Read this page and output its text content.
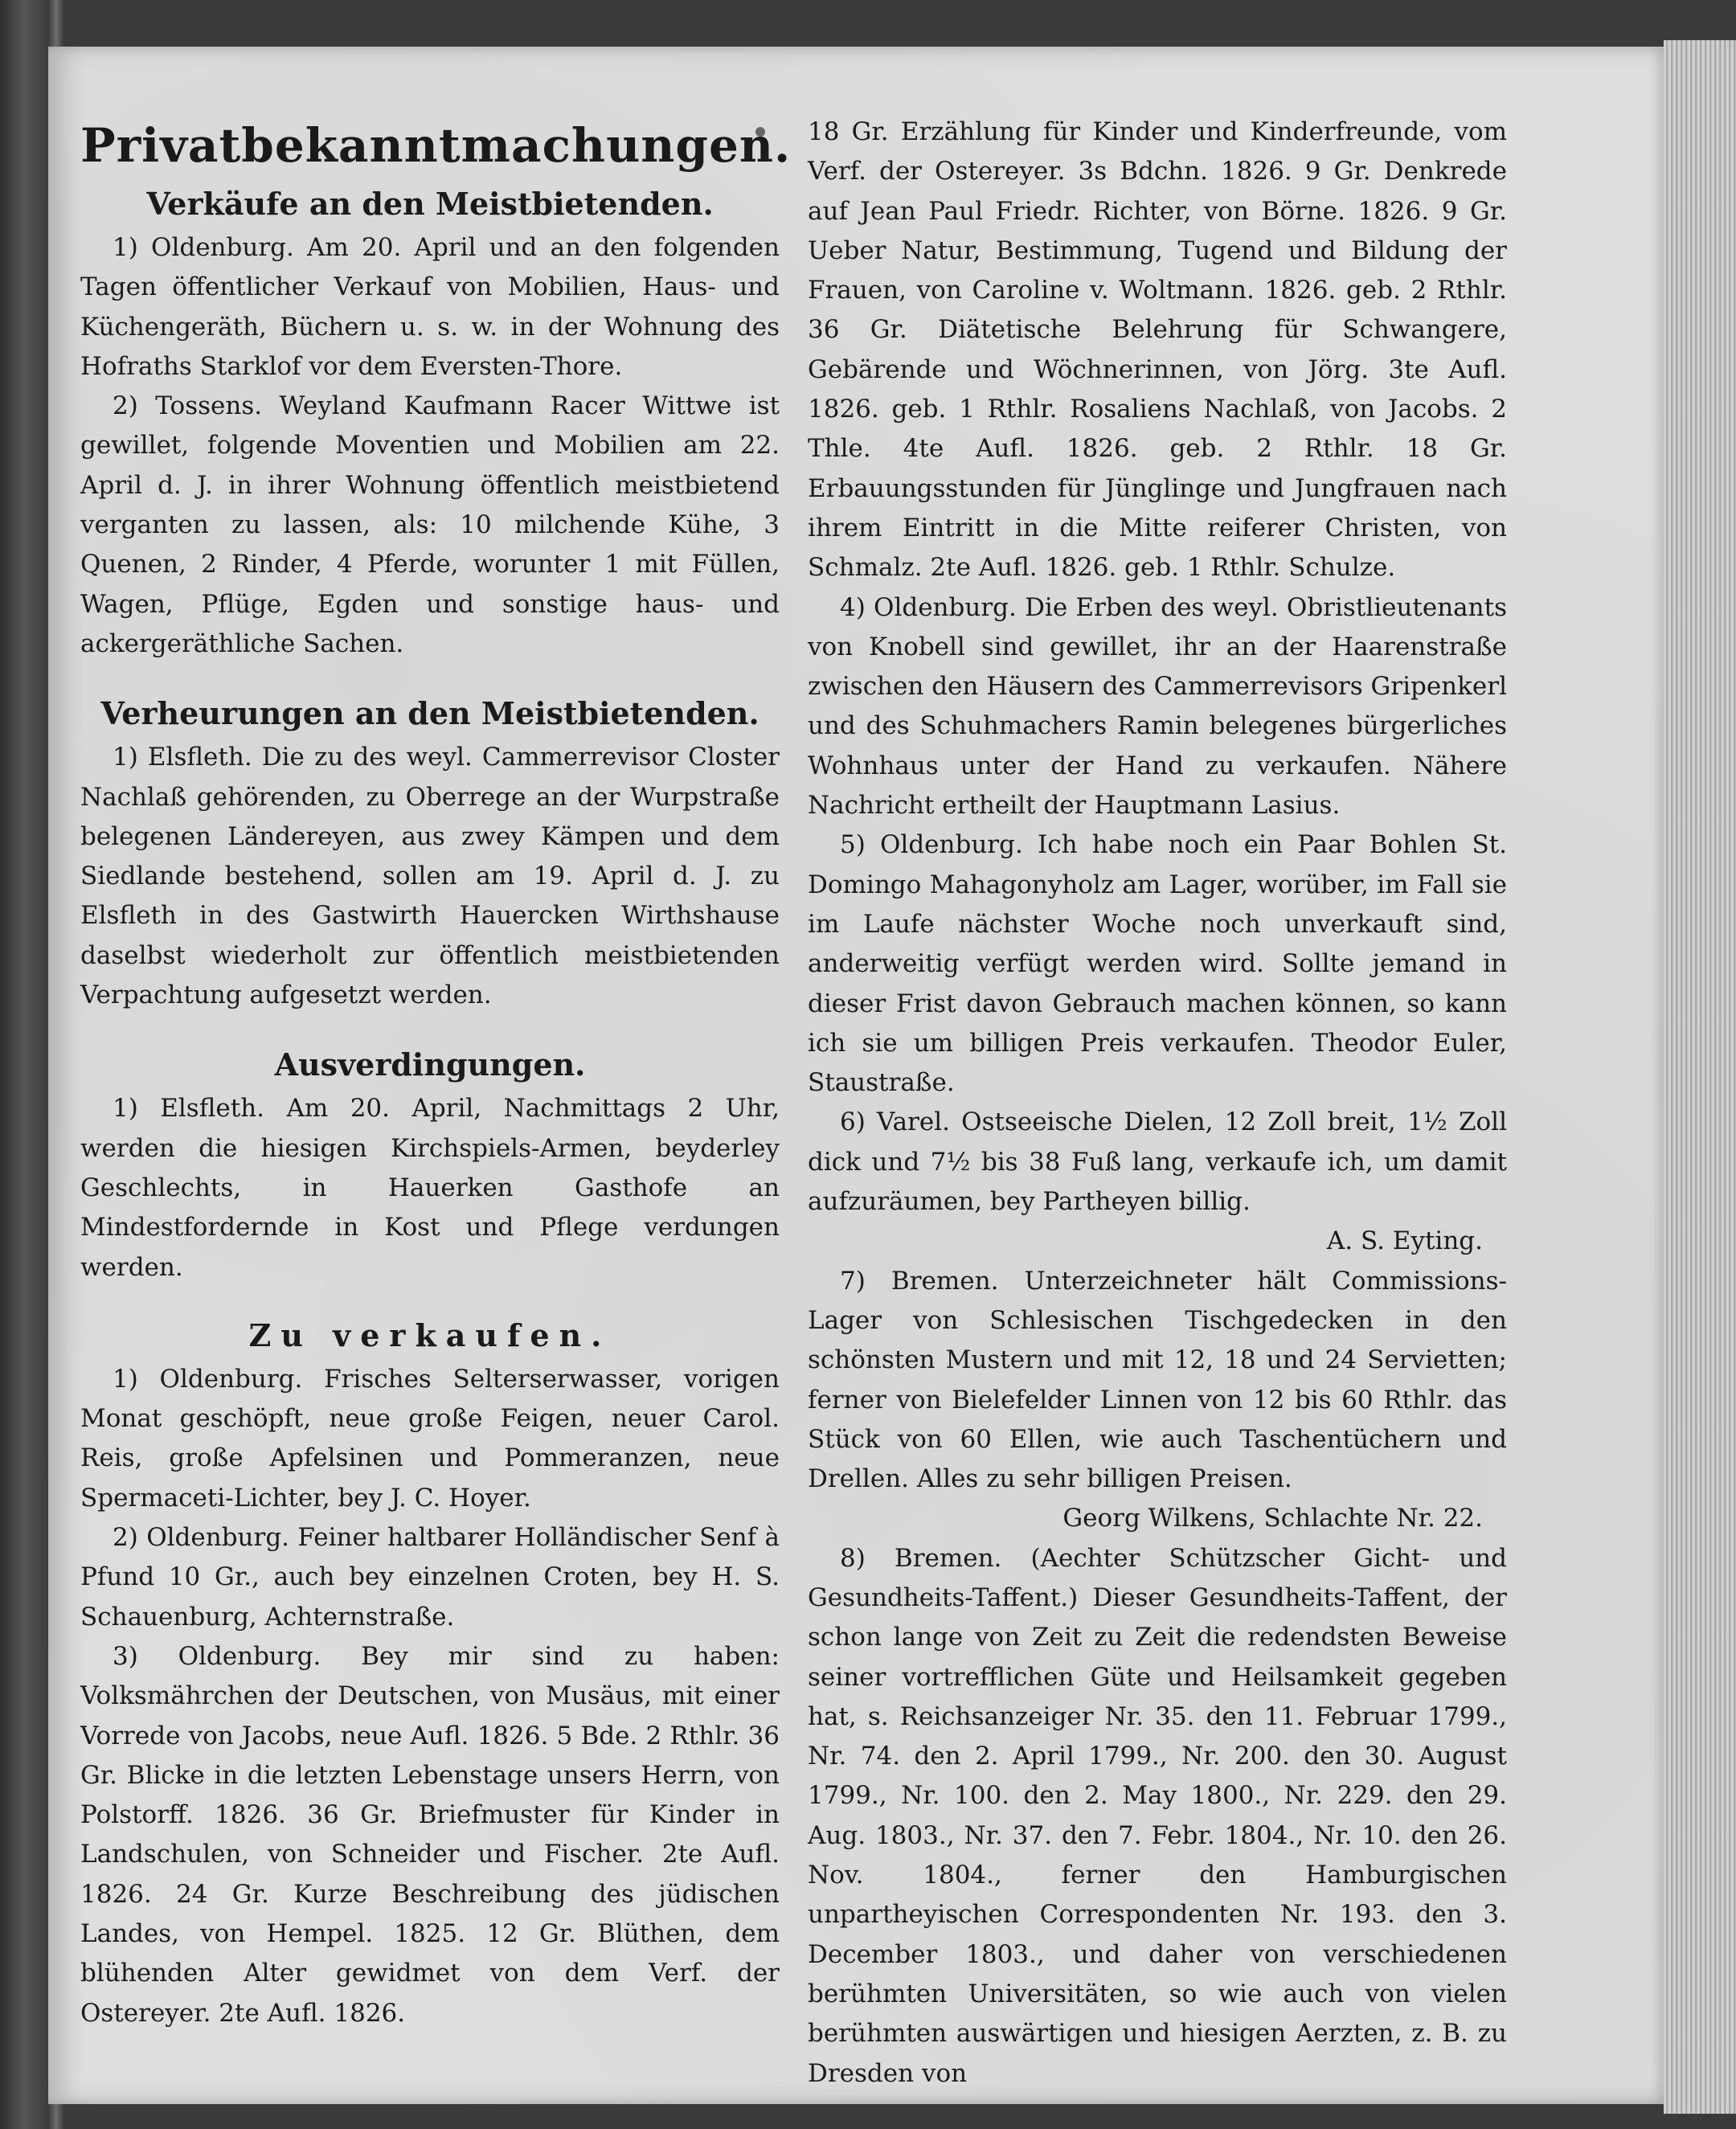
Privatbekanntmachungen.
Verkäufe an den Meistbietenden.

1) Oldenburg. Am 20. April und an den folgenden Tagen öffentlicher Verkauf von Mobilien, Haus- und Küchengeräth, Büchern u. s. w. in der Wohnung des Hofraths Starklof vor dem Eversten-Thore.

2) Tossens. Weyland Kaufmann Racer Wittwe ist gewillet, folgende Moventien und Mobilien am 22. April d. J. in ihrer Wohnung öffentlich meistbietend verganten zu lassen, als: 10 milchende Kühe, 3 Quenen, 2 Rinder, 4 Pferde, worunter 1 mit Füllen, Wagen, Pflüge, Egden und sonstige haus- und ackergeräthliche Sachen.

Verheurungen an den Meistbietenden.

1) Elsfleth. Die zu des weyl. Cammerrevisor Closter Nachlaß gehörenden, zu Oberrege an der Wurpstraße belegenen Ländereyen, aus zwey Kämpen und dem Siedlande bestehend, sollen am 19. April d. J. zu Elsfleth in des Gastwirth Hauercken Wirthshause daselbst wiederholt zur öffentlich meistbietenden Verpachtung aufgesetzt werden.

Ausverdingungen.

1) Elsfleth. Am 20. April, Nachmittags 2 Uhr, werden die hiesigen Kirchspiels-Armen, beyderley Geschlechts, in Hauerken Gasthofe an Mindestfordernde in Kost und Pflege verdungen werden.

Zu verkaufen.

1) Oldenburg. Frisches Selterserwasser, vorigen Monat geschöpft, neue große Feigen, neuer Carol. Reis, große Apfelsinen und Pommeranzen, neue Spermaceti-Lichter, bey J. C. Hoyer.

2) Oldenburg. Feiner haltbarer Holländischer Senf à Pfund 10 Gr., auch bey einzelnen Croten, bey H. S. Schauenburg, Achternstraße.

3) Oldenburg. Bey mir sind zu haben: Volksmährchen der Deutschen, von Musäus, mit einer Vorrede von Jacobs, neue Aufl. 1826. 5 Bde. 2 Rthlr. 36 Gr. Blicke in die letzten Lebenstage unsers Herrn, von Polstorff. 1826. 36 Gr. Briefmuster für Kinder in Landschulen, von Schneider und Fischer. 2te Aufl. 1826. 24 Gr. Kurze Beschreibung des jüdischen Landes, von Hempel. 1825. 12 Gr. Blüthen, dem blühenden Alter gewidmet von dem Verf. der Ostereyer. 2te Aufl. 1826.

18 Gr. Erzählung für Kinder und Kinderfreunde, vom Verf. der Ostereyer. 3s Bdchn. 1826. 9 Gr. Denkrede auf Jean Paul Friedr. Richter, von Börne. 1826. 9 Gr. Ueber Natur, Bestimmung, Tugend und Bildung der Frauen, von Caroline v. Woltmann. 1826. geb. 2 Rthlr. 36 Gr. Diätetische Belehrung für Schwangere, Gebärende und Wöchnerinnen, von Jörg. 3te Aufl. 1826. geb. 1 Rthlr. Rosaliens Nachlaß, von Jacobs. 2 Thle. 4te Aufl. 1826. geb. 2 Rthlr. 18 Gr. Erbauungsstunden für Jünglinge und Jungfrauen nach ihrem Eintritt in die Mitte reiferer Christen, von Schmalz. 2te Aufl. 1826. geb. 1 Rthlr. Schulze.

4) Oldenburg. Die Erben des weyl. Obristlieutenants von Knobell sind gewillet, ihr an der Haarenstraße zwischen den Häusern des Cammerrevisors Gripenkerl und des Schuhmachers Ramin belegenes bürgerliches Wohnhaus unter der Hand zu verkaufen. Nähere Nachricht ertheilt der Hauptmann Lasius.

5) Oldenburg. Ich habe noch ein Paar Bohlen St. Domingo Mahagonyholz am Lager, worüber, im Fall sie im Laufe nächster Woche noch unverkauft sind, anderweitig verfügt werden wird. Sollte jemand in dieser Frist davon Gebrauch machen können, so kann ich sie um billigen Preis verkaufen. Theodor Euler, Staustraße.

6) Varel. Ostseeische Dielen, 12 Zoll breit, 1½ Zoll dick und 7½ bis 38 Fuß lang, verkaufe ich, um damit aufzuräumen, bey Partheyen billig.

A. S. Eyting.

7) Bremen. Unterzeichneter hält Commissions-Lager von Schlesischen Tischgedecken in den schönsten Mustern und mit 12, 18 und 24 Servietten; ferner von Bielefelder Linnen von 12 bis 60 Rthlr. das Stück von 60 Ellen, wie auch Taschentüchern und Drellen. Alles zu sehr billigen Preisen.

Georg Wilkens, Schlachte Nr. 22.

8) Bremen. (Aechter Schützscher Gicht- und Gesundheits-Taffent.) Dieser Gesundheits-Taffent, der schon lange von Zeit zu Zeit die redendsten Beweise seiner vortrefflichen Güte und Heilsamkeit gegeben hat, s. Reichsanzeiger Nr. 35. den 11. Februar 1799., Nr. 74. den 2. April 1799., Nr. 200. den 30. August 1799., Nr. 100. den 2. May 1800., Nr. 229. den 29. Aug. 1803., Nr. 37. den 7. Febr. 1804., Nr. 10. den 26. Nov. 1804., ferner den Hamburgischen unpartheyischen Correspondenten Nr. 193. den 3. December 1803., und daher von verschiedenen berühmten Universitäten, so wie auch von vielen berühmten auswärtigen und hiesigen Aerzten, z. B. zu Dresden von
